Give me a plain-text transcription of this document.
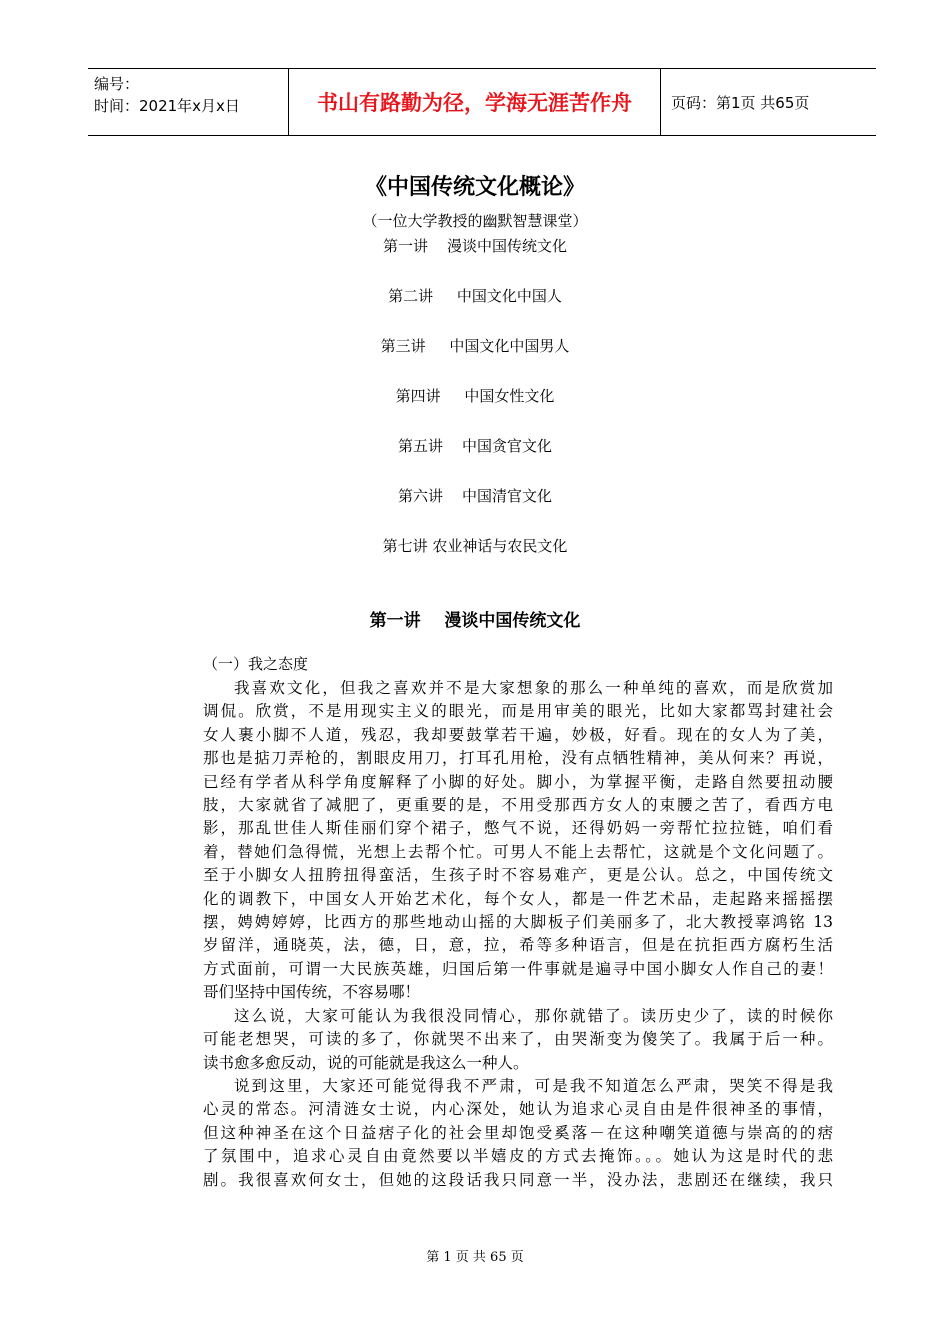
编号：
时间：2021年x月x日	书山有路勤为径，学海无涯苦作舟	页码：第1页 共65页
《中国传统文化概论》
（一位大学教授的幽默智慧课堂）
第一讲    漫谈中国传统文化
第二讲     中国文化中国人
第三讲     中国文化中国男人
第四讲     中国女性文化
第五讲    中国贪官文化
第六讲    中国清官文化
第七讲 农业神话与农民文化
第一讲    漫谈中国传统文化
（一）我之态度
我喜欢文化，但我之喜欢并不是大家想象的那么一种单纯的喜欢，而是欣赏加
调侃。欣赏，不是用现实主义的眼光，而是用审美的眼光，比如大家都骂封建社会
女人裹小脚不人道，残忍，我却要鼓掌若干遍，妙极，好看。现在的女人为了美，
那也是掂刀弄枪的，割眼皮用刀，打耳孔用枪，没有点牺牲精神，美从何来？再说，
已经有学者从科学角度解释了小脚的好处。脚小，为掌握平衡，走路自然要扭动腰
肢，大家就省了减肥了，更重要的是，不用受那西方女人的束腰之苦了，看西方电
影，那乱世佳人斯佳丽们穿个裙子，憋气不说，还得奶妈一旁帮忙拉拉链，咱们看
着，替她们急得慌，光想上去帮个忙。可男人不能上去帮忙，这就是个文化问题了。
至于小脚女人扭胯扭得蛮活，生孩子时不容易难产，更是公认。总之，中国传统文
化的调教下，中国女人开始艺术化，每个女人，都是一件艺术品，走起路来摇摇摆
摆，娉娉婷婷，比西方的那些地动山摇的大脚板子们美丽多了，北大教授辜鸿铭 13
岁留洋，通晓英，法，德，日，意，拉，希等多种语言，但是在抗拒西方腐朽生活
方式面前，可谓一大民族英雄，归国后第一件事就是遍寻中国小脚女人作自己的妻！
哥们坚持中国传统，不容易哪！
这么说，大家可能认为我很没同情心，那你就错了。读历史少了，读的时候你
可能老想哭，可读的多了，你就哭不出来了，由哭渐变为傻笑了。我属于后一种。
读书愈多愈反动，说的可能就是我这么一种人。
说到这里，大家还可能觉得我不严肃，可是我不知道怎么严肃，哭笑不得是我
心灵的常态。河清涟女士说，内心深处，她认为追求心灵自由是件很神圣的事情，
但这种神圣在这个日益痞子化的社会里却饱受奚落－在这种嘲笑道德与崇高的的痞
了氛围中，追求心灵自由竟然要以半嬉皮的方式去掩饰。。。她认为这是时代的悲
剧。我很喜欢何女士，但她的这段话我只同意一半，没办法，悲剧还在继续，我只
第 1 页 共 65 页
